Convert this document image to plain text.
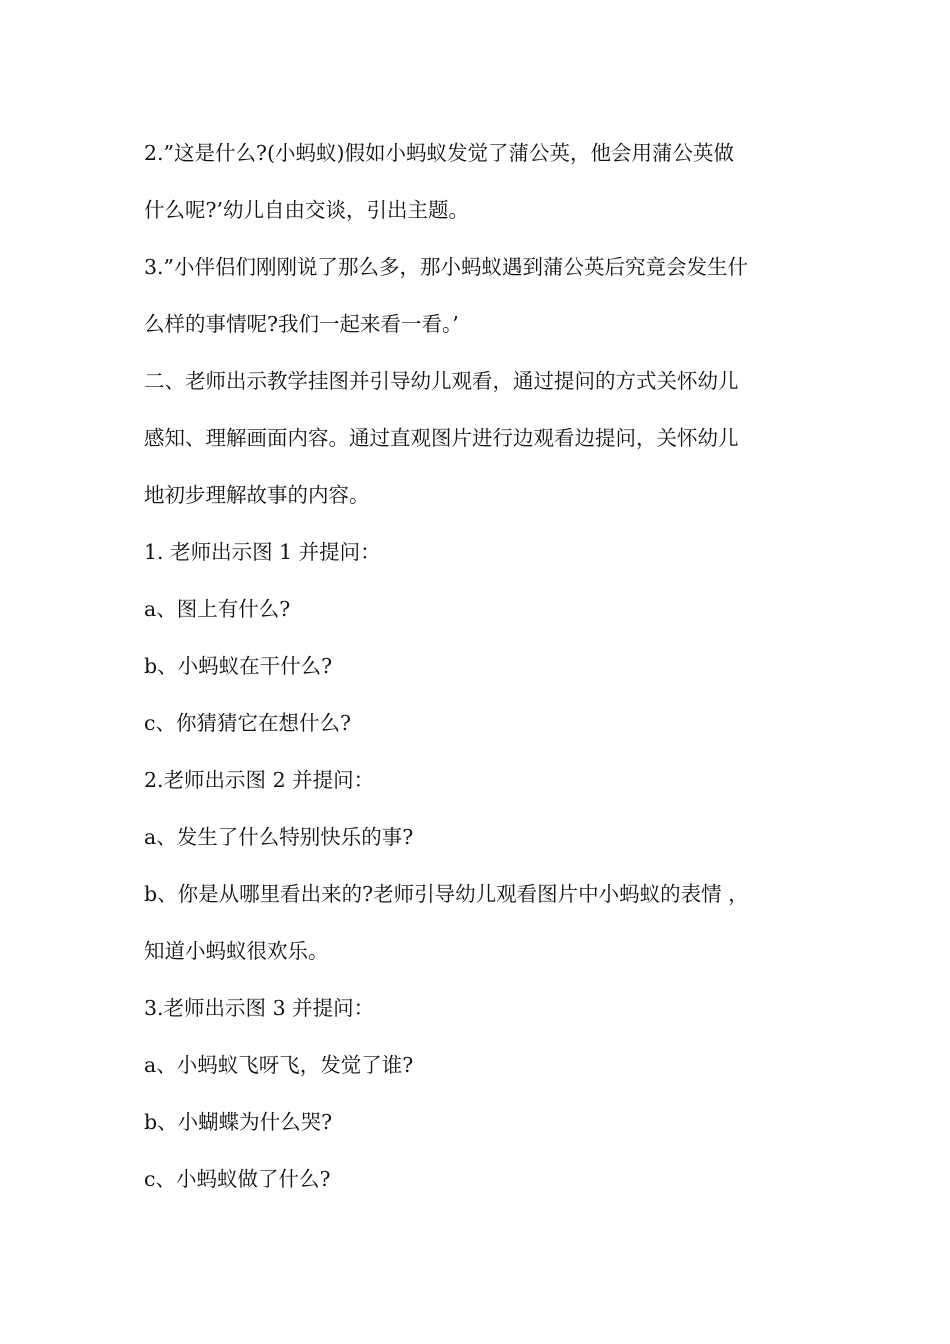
2.”这是什么?(小蚂蚁)假如小蚂蚁发觉了蒲公英，他会用蒲公英做
什么呢?’幼儿自由交谈，引出主题。
3.”小伴侣们刚刚说了那么多，那小蚂蚁遇到蒲公英后究竟会发生什
么样的事情呢?我们一起来看一看。’
二、老师出示教学挂图并引导幼儿观看，通过提问的方式关怀幼儿
感知、理解画面内容。通过直观图片进行边观看边提问，关怀幼儿
地初步理解故事的内容。
1. 老师出示图 1 并提问：
a、图上有什么?
b、小蚂蚁在干什么?
c、你猜猜它在想什么?
2.老师出示图 2 并提问：
a、发生了什么特别快乐的事?
b、你是从哪里看出来的?老师引导幼儿观看图片中小蚂蚁的表情 ，
知道小蚂蚁很欢乐。
3.老师出示图 3 并提问：
a、小蚂蚁飞呀飞，发觉了谁?
b、小蝴蝶为什么哭?
c、小蚂蚁做了什么?
